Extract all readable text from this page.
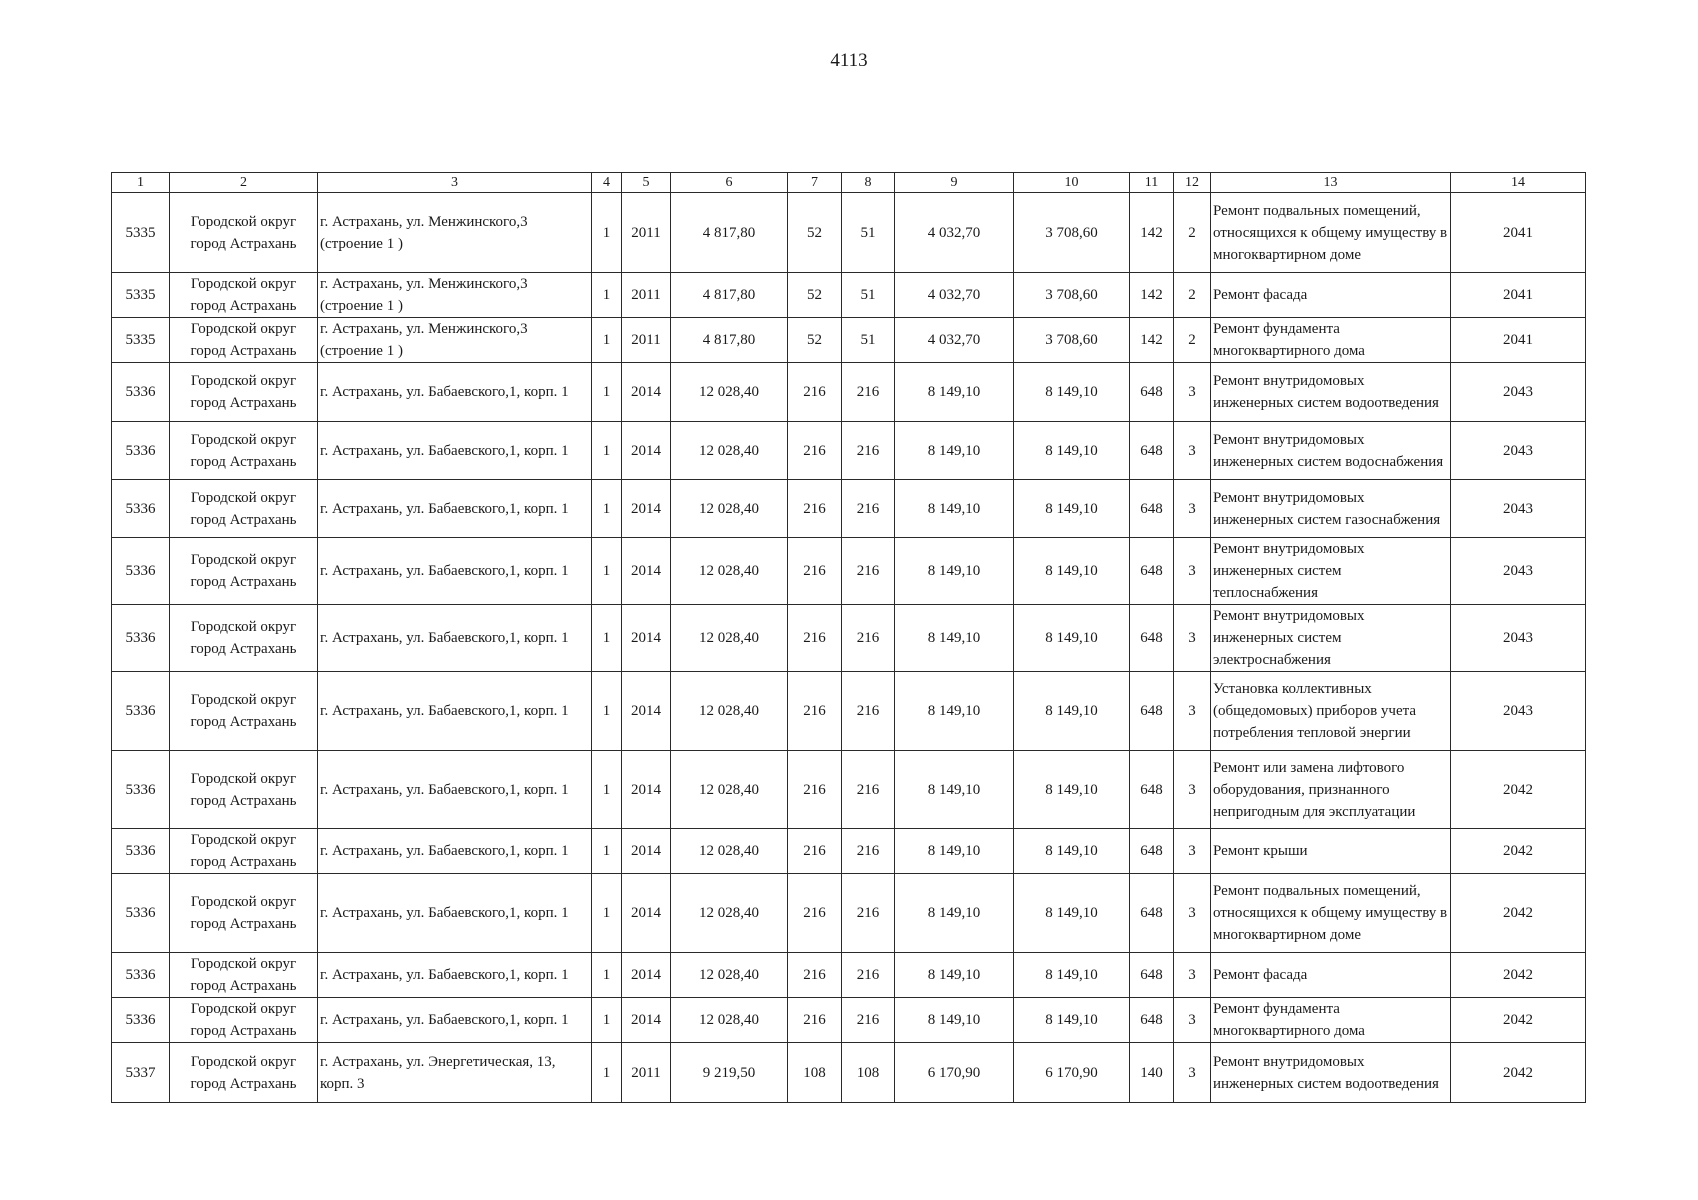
4113
1	2	3	4	5	6	7	8	9	10	11	12	13	14
5335	Городской округ город Астрахань	г. Астрахань, ул. Менжинского,3 (строение 1 )	1	2011	4 817,80	52	51	4 032,70	3 708,60	142	2	Ремонт подвальных помещений, относящихся к общему имуществу в многоквартирном доме	2041
5335	Городской округ город Астрахань	г. Астрахань, ул. Менжинского,3 (строение 1 )	1	2011	4 817,80	52	51	4 032,70	3 708,60	142	2	Ремонт фасада	2041
5335	Городской округ город Астрахань	г. Астрахань, ул. Менжинского,3 (строение 1 )	1	2011	4 817,80	52	51	4 032,70	3 708,60	142	2	Ремонт фундамента многоквартирного дома	2041
5336	Городской округ город Астрахань	г. Астрахань, ул. Бабаевского,1, корп. 1	1	2014	12 028,40	216	216	8 149,10	8 149,10	648	3	Ремонт внутридомовых инженерных систем водоотведения	2043
5336	Городской округ город Астрахань	г. Астрахань, ул. Бабаевского,1, корп. 1	1	2014	12 028,40	216	216	8 149,10	8 149,10	648	3	Ремонт внутридомовых инженерных систем водоснабжения	2043
5336	Городской округ город Астрахань	г. Астрахань, ул. Бабаевского,1, корп. 1	1	2014	12 028,40	216	216	8 149,10	8 149,10	648	3	Ремонт внутридомовых инженерных систем газоснабжения	2043
5336	Городской округ город Астрахань	г. Астрахань, ул. Бабаевского,1, корп. 1	1	2014	12 028,40	216	216	8 149,10	8 149,10	648	3	Ремонт внутридомовых инженерных систем теплоснабжения	2043
5336	Городской округ город Астрахань	г. Астрахань, ул. Бабаевского,1, корп. 1	1	2014	12 028,40	216	216	8 149,10	8 149,10	648	3	Ремонт внутридомовых инженерных систем электроснабжения	2043
5336	Городской округ город Астрахань	г. Астрахань, ул. Бабаевского,1, корп. 1	1	2014	12 028,40	216	216	8 149,10	8 149,10	648	3	Установка коллективных (общедомовых) приборов учета потребления тепловой энергии	2043
5336	Городской округ город Астрахань	г. Астрахань, ул. Бабаевского,1, корп. 1	1	2014	12 028,40	216	216	8 149,10	8 149,10	648	3	Ремонт или замена лифтового оборудования, признанного непригодным для эксплуатации	2042
5336	Городской округ город Астрахань	г. Астрахань, ул. Бабаевского,1, корп. 1	1	2014	12 028,40	216	216	8 149,10	8 149,10	648	3	Ремонт крыши	2042
5336	Городской округ город Астрахань	г. Астрахань, ул. Бабаевского,1, корп. 1	1	2014	12 028,40	216	216	8 149,10	8 149,10	648	3	Ремонт подвальных помещений, относящихся к общему имуществу в многоквартирном доме	2042
5336	Городской округ город Астрахань	г. Астрахань, ул. Бабаевского,1, корп. 1	1	2014	12 028,40	216	216	8 149,10	8 149,10	648	3	Ремонт фасада	2042
5336	Городской округ город Астрахань	г. Астрахань, ул. Бабаевского,1, корп. 1	1	2014	12 028,40	216	216	8 149,10	8 149,10	648	3	Ремонт фундамента многоквартирного дома	2042
5337	Городской округ город Астрахань	г. Астрахань, ул. Энергетическая, 13, корп. 3	1	2011	9 219,50	108	108	6 170,90	6 170,90	140	3	Ремонт внутридомовых инженерных систем водоотведения	2042
